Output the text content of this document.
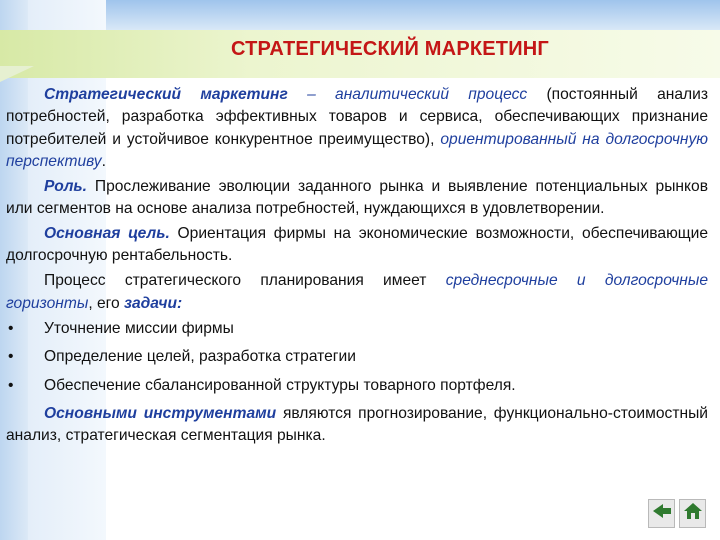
СТРАТЕГИЧЕСКИЙ МАРКЕТИНГ

Стратегический маркетинг – аналитический процесс (постоянный анализ потребностей, разработка эффективных товаров и сервиса, обеспечивающих признание потребителей и устойчивое конкурентное преимущество), ориентированный на долгосрочную перспективу.

Роль. Прослеживание эволюции заданного рынка и выявление потенциальных рынков или сегментов на основе анализа потребностей, нуждающихся в удовлетворении.

Основная цель. Ориентация фирмы на экономические возможности, обеспечивающие долгосрочную рентабельность.

Процесс стратегического планирования имеет среднесрочные и долгосрочные горизонты, его задачи:

• Уточнение миссии фирмы
• Определение целей, разработка стратегии
• Обеспечение сбалансированной структуры товарного портфеля.

Основными инструментами являются прогнозирование, функционально-стоимостный анализ, стратегическая сегментация рынка.
